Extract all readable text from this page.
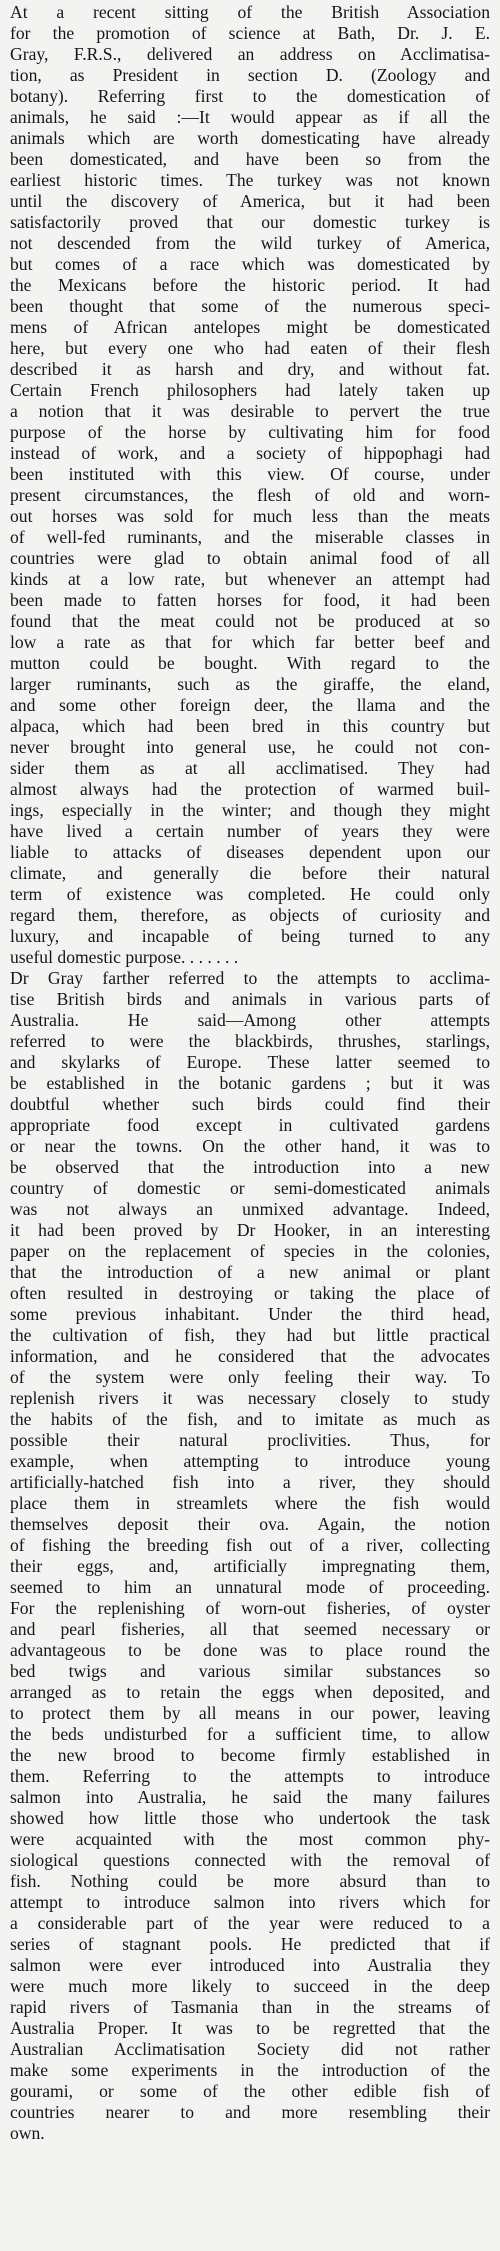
At a recent sitting of the British Association
for the promotion of science at Bath, Dr. J. E.
Gray, F.R.S., delivered an address on Acclimatisa-
tion, as President in section D. (Zoology and
botany). Referring first to the domestication of
animals, he said :—It would appear as if all the
animals which are worth domesticating have already
been domesticated, and have been so from the
earliest historic times. The turkey was not known
until the discovery of America, but it had been
satisfactorily proved that our domestic turkey is
not descended from the wild turkey of America,
but comes of a race which was domesticated by
the Mexicans before the historic period. It had
been thought that some of the numerous speci-
mens of African antelopes might be domesticated
here, but every one who had eaten of their flesh
described it as harsh and dry, and without fat.
Certain French philosophers had lately taken up
a notion that it was desirable to pervert the true
purpose of the horse by cultivating him for food
instead of work, and a society of hippophagi had
been instituted with this view. Of course, under
present circumstances, the flesh of old and worn-
out horses was sold for much less than the meats
of well-fed ruminants, and the miserable classes in
countries were glad to obtain animal food of all
kinds at a low rate, but whenever an attempt had
been made to fatten horses for food, it had been
found that the meat could not be produced at so
low a rate as that for which far better beef and
mutton could be bought. With regard to the
larger ruminants, such as the giraffe, the eland,
and some other foreign deer, the llama and the
alpaca, which had been bred in this country but
never brought into general use, he could not con-
sider them as at all acclimatised. They had
almost always had the protection of warmed buil-
ings, especially in the winter; and though they might
have lived a certain number of years they were
liable to attacks of diseases dependent upon our
climate, and generally die before their natural
term of existence was completed. He could only
regard them, therefore, as objects of curiosity and
luxury, and incapable of being turned to any
useful domestic purpose. . . . . . .
Dr Gray farther referred to the attempts to acclima-
tise British birds and animals in various parts of
Australia. He said—Among other attempts
referred to were the blackbirds, thrushes, starlings,
and skylarks of Europe. These latter seemed to
be established in the botanic gardens ; but it was
doubtful whether such birds could find their
appropriate food except in cultivated gardens
or near the towns. On the other hand, it was to
be observed that the introduction into a new
country of domestic or semi-domesticated animals
was not always an unmixed advantage. Indeed,
it had been proved by Dr Hooker, in an interesting
paper on the replacement of species in the colonies,
that the introduction of a new animal or plant
often resulted in destroying or taking the place of
some previous inhabitant. Under the third head,
the cultivation of fish, they had but little practical
information, and he considered that the advocates
of the system were only feeling their way. To
replenish rivers it was necessary closely to study
the habits of the fish, and to imitate as much as
possible their natural proclivities. Thus, for
example, when attempting to introduce young
artificially-hatched fish into a river, they should
place them in streamlets where the fish would
themselves deposit their ova. Again, the notion
of fishing the breeding fish out of a river, collecting
their eggs, and, artificially impregnating them,
seemed to him an unnatural mode of proceeding.
For the replenishing of worn-out fisheries, of oyster
and pearl fisheries, all that seemed necessary or
advantageous to be done was to place round the
bed twigs and various similar substances so
arranged as to retain the eggs when deposited, and
to protect them by all means in our power, leaving
the beds undisturbed for a sufficient time, to allow
the new brood to become firmly established in
them. Referring to the attempts to introduce
salmon into Australia, he said the many failures
showed how little those who undertook the task
were acquainted with the most common phy-
siological questions connected with the removal of
fish. Nothing could be more absurd than to
attempt to introduce salmon into rivers which for
a considerable part of the year were reduced to a
series of stagnant pools. He predicted that if
salmon were ever introduced into Australia they
were much more likely to succeed in the deep
rapid rivers of Tasmania than in the streams of
Australia Proper. It was to be regretted that the
Australian Acclimatisation Society did not rather
make some experiments in the introduction of the
gourami, or some of the other edible fish of
countries nearer to and more resembling their
own.
